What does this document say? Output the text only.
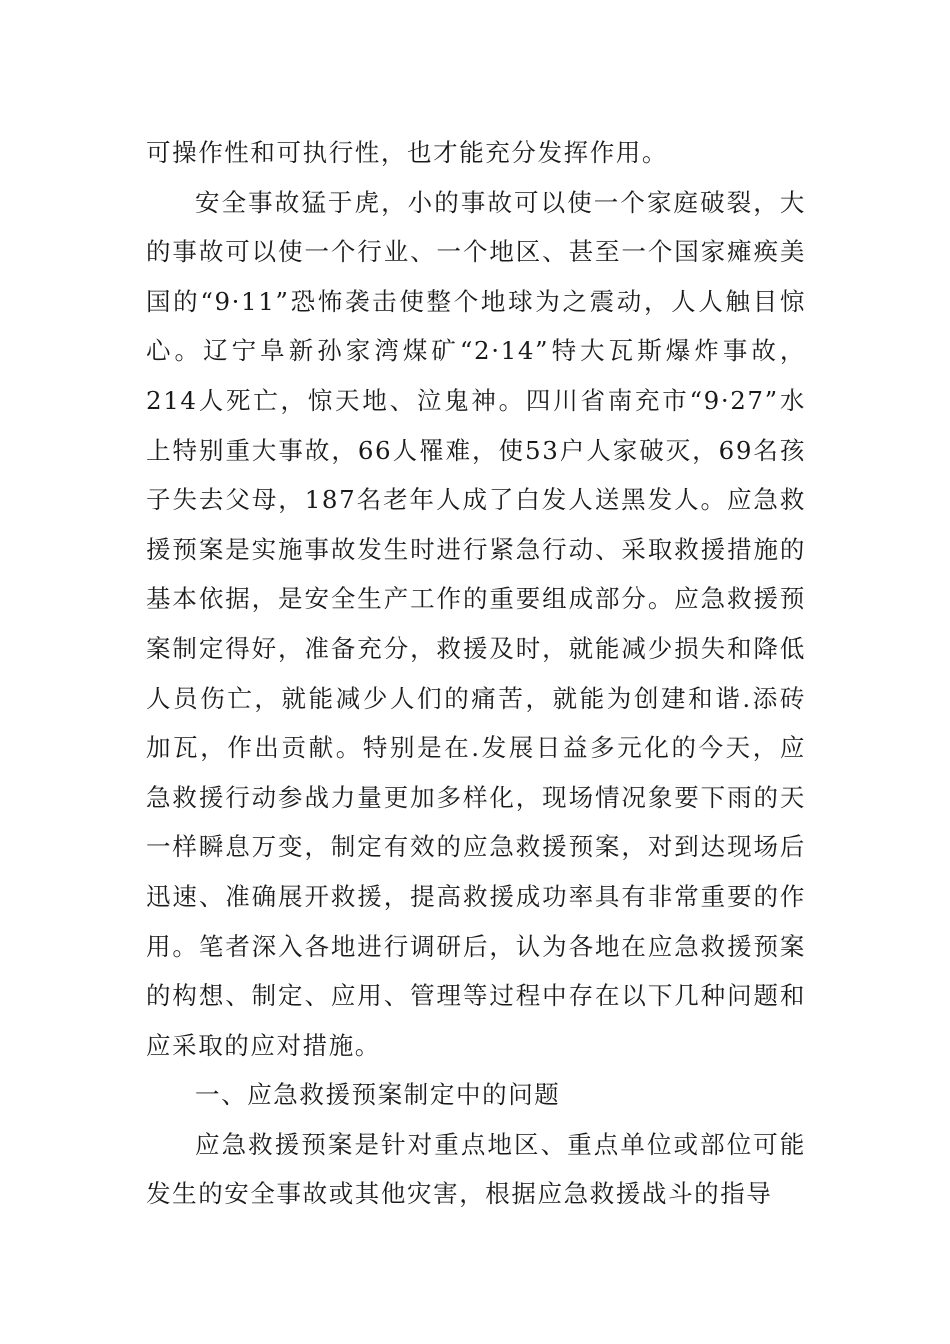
可操作性和可执行性，也才能充分发挥作用。

安全事故猛于虎，小的事故可以使一个家庭破裂，大的事故可以使一个行业、一个地区、甚至一个国家瘫痪美国的“9·11”恐怖袭击使整个地球为之震动，人人触目惊心。辽宁阜新孙家湾煤矿“2·14”特大瓦斯爆炸事故，214人死亡，惊天地、泣鬼神。四川省南充市“9·27”水上特别重大事故，66人罹难，使53户人家破灭，69名孩子失去父母，187名老年人成了白发人送黑发人。应急救援预案是实施事故发生时进行紧急行动、采取救援措施的基本依据，是安全生产工作的重要组成部分。应急救援预案制定得好，准备充分，救援及时，就能减少损失和降低人员伤亡，就能减少人们的痛苦，就能为创建和谐.添砖加瓦，作出贡献。特别是在.发展日益多元化的今天，应急救援行动参战力量更加多样化，现场情况象要下雨的天一样瞬息万变，制定有效的应急救援预案，对到达现场后迅速、准确展开救援，提高救援成功率具有非常重要的作用。笔者深入各地进行调研后，认为各地在应急救援预案的构想、制定、应用、管理等过程中存在以下几种问题和应采取的应对措施。

一、应急救援预案制定中的问题

应急救援预案是针对重点地区、重点单位或部位可能发生的安全事故或其他灾害，根据应急救援战斗的指导
